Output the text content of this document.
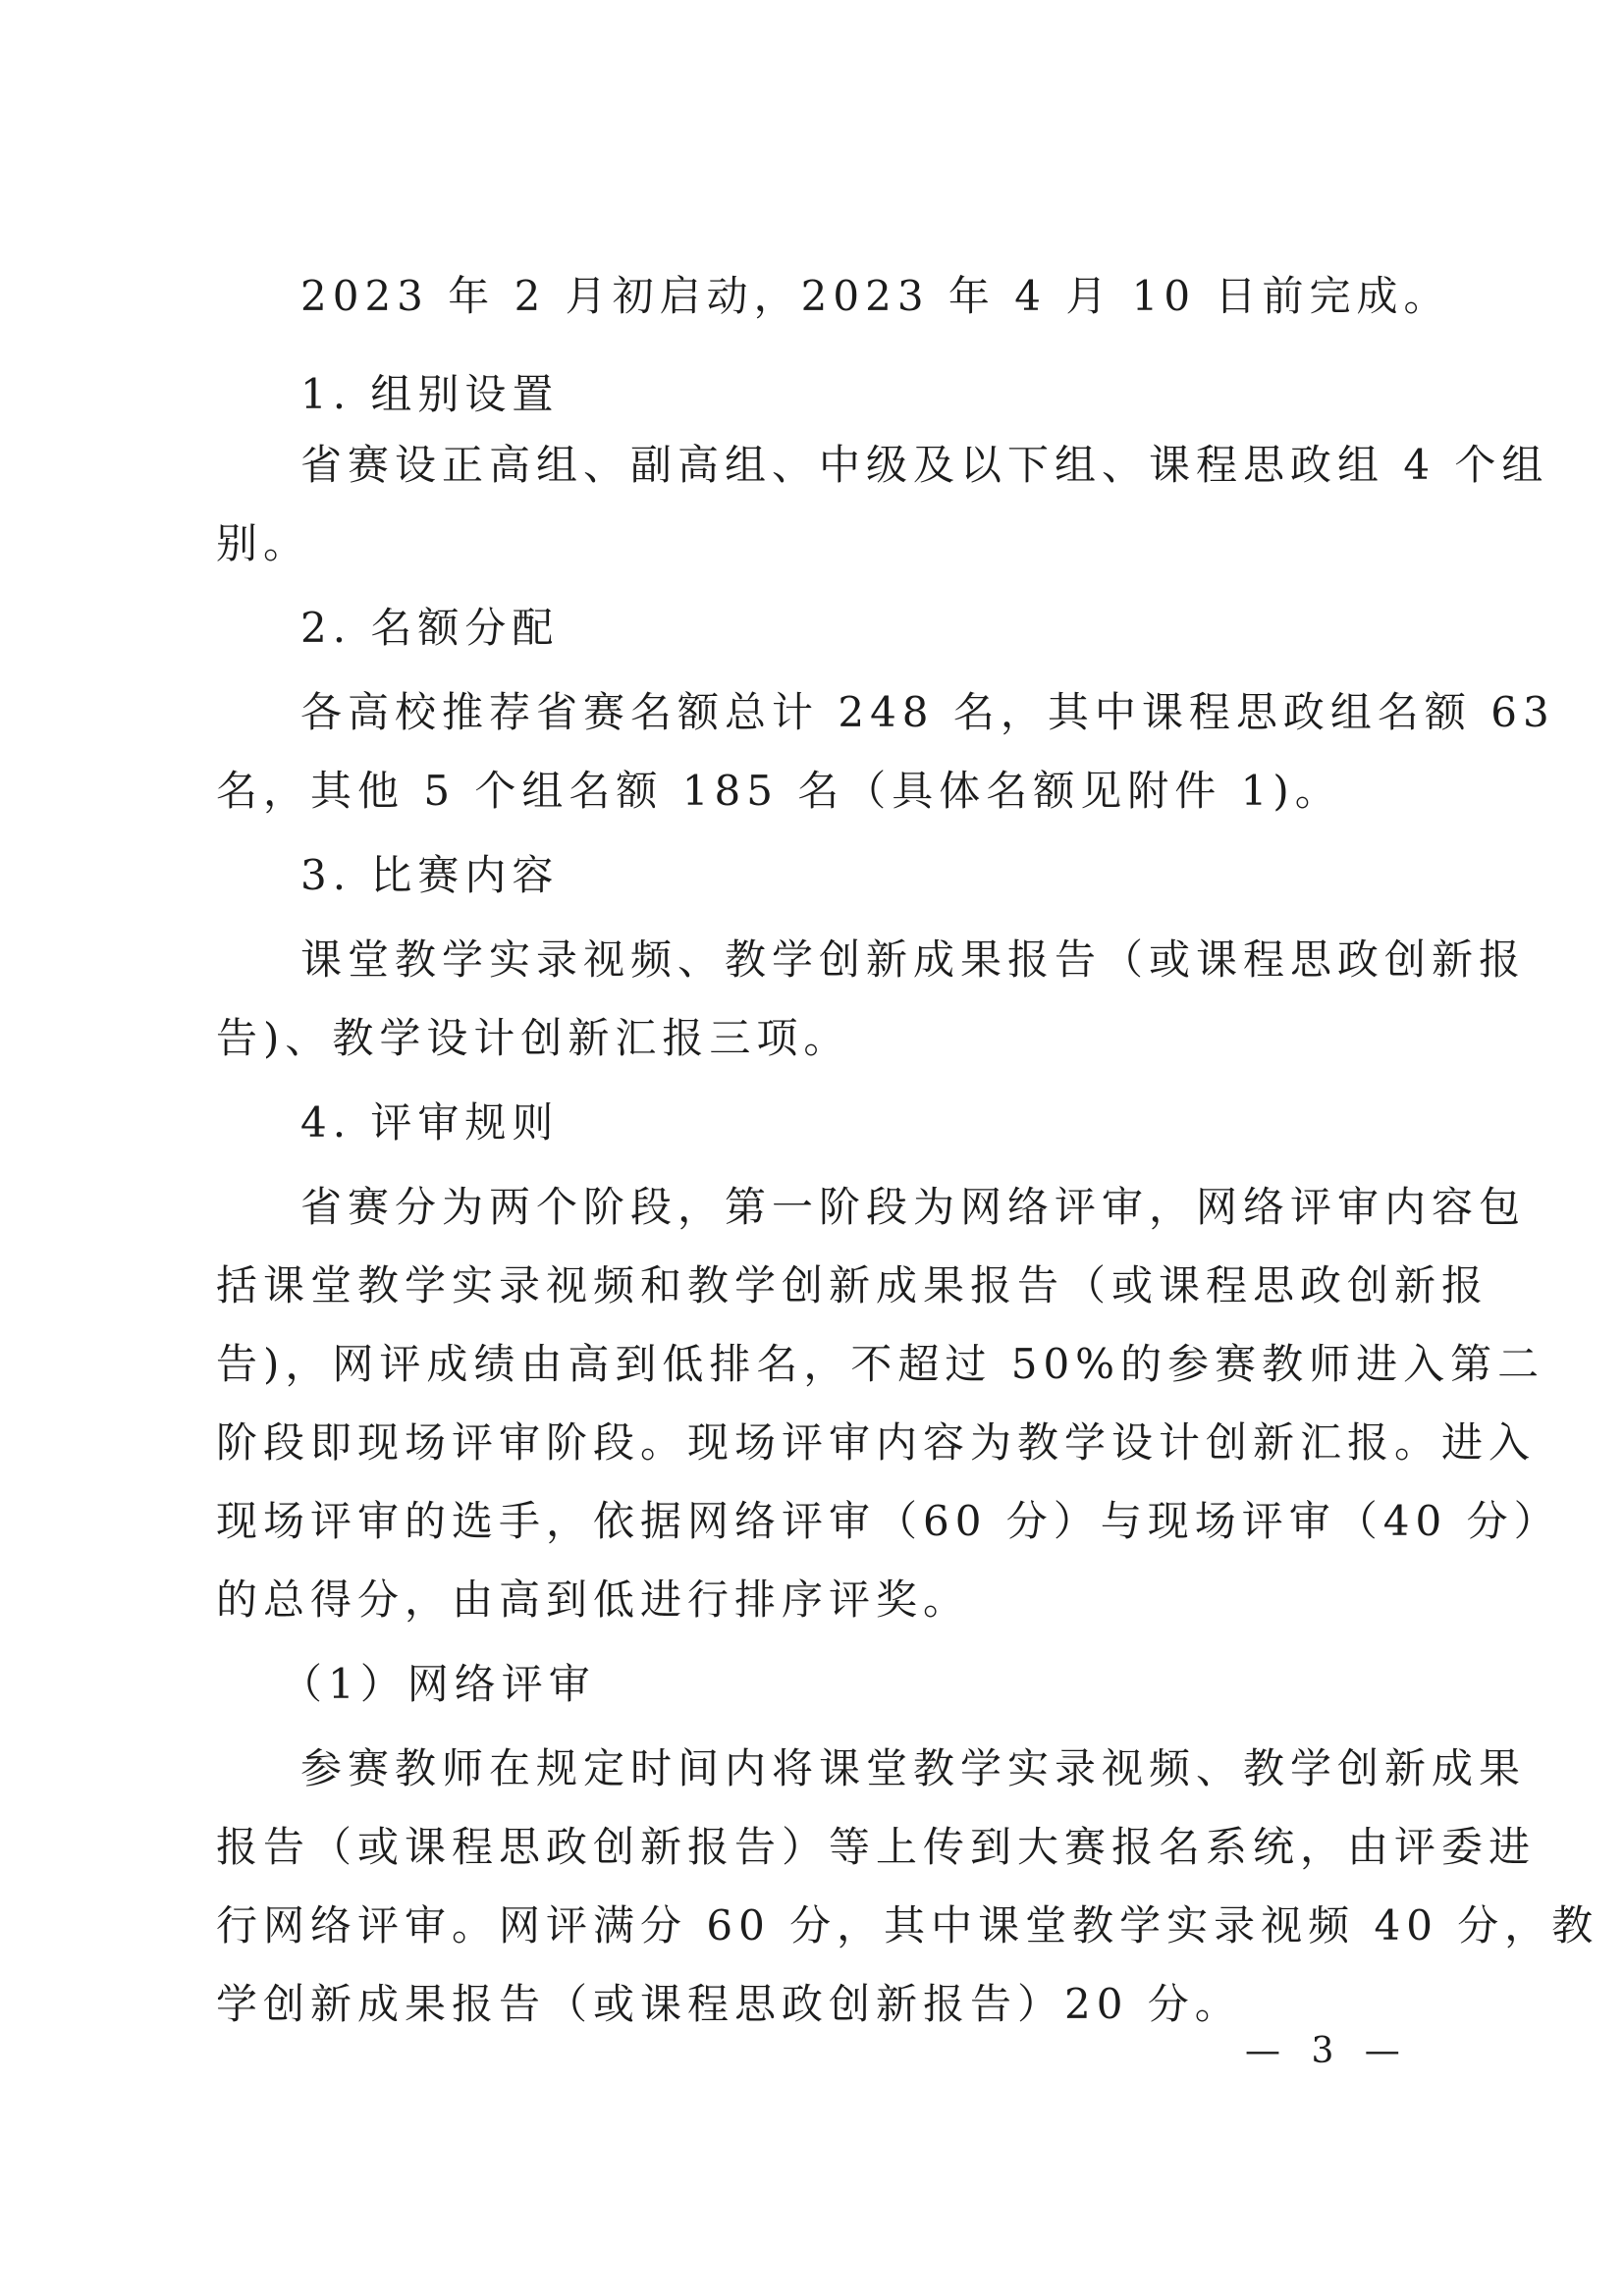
2023 年 2 月初启动，2023 年 4 月 10 日前完成。
1. 组别设置
省赛设正高组、副高组、中级及以下组、课程思政组 4 个组
别。
2. 名额分配
各高校推荐省赛名额总计 248 名，其中课程思政组名额 63
名，其他 5 个组名额 185 名（具体名额见附件 1)。
3. 比赛内容
课堂教学实录视频、教学创新成果报告（或课程思政创新报
告)、教学设计创新汇报三项。
4. 评审规则
省赛分为两个阶段，第一阶段为网络评审，网络评审内容包
括课堂教学实录视频和教学创新成果报告（或课程思政创新报
告)，网评成绩由高到低排名，不超过 50%的参赛教师进入第二
阶段即现场评审阶段。现场评审内容为教学设计创新汇报。进入
现场评审的选手，依据网络评审（60 分）与现场评审（40 分）
的总得分，由高到低进行排序评奖。
（1）网络评审
参赛教师在规定时间内将课堂教学实录视频、教学创新成果
报告（或课程思政创新报告）等上传到大赛报名系统，由评委进
行网络评审。网评满分 60 分，其中课堂教学实录视频 40 分，教
学创新成果报告（或课程思政创新报告）20 分。
— 3 —
